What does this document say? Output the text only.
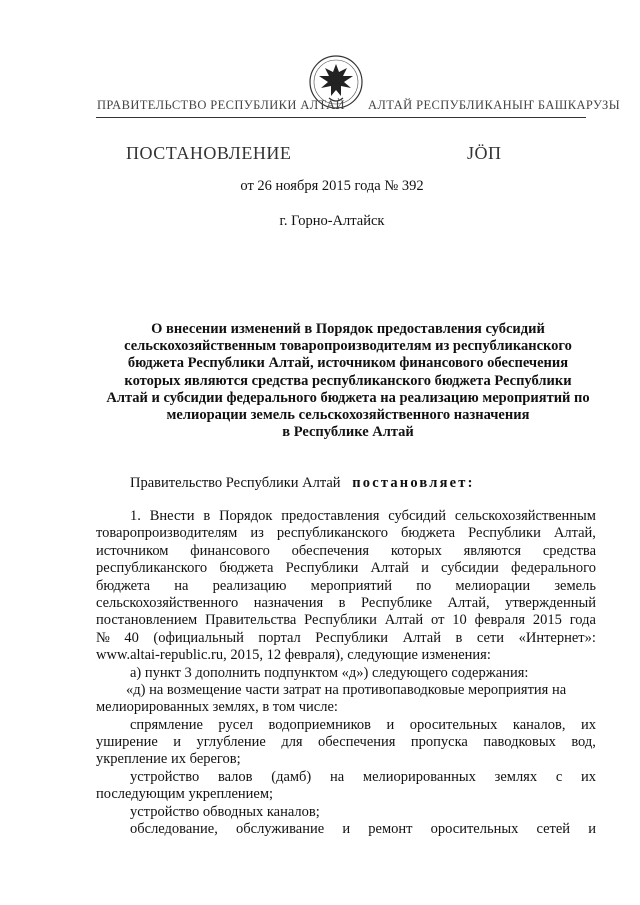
ПРАВИТЕЛЬСТВО РЕСПУБЛИКИ АЛТАЙ АЛТАЙ РЕСПУБЛИКАНЫҤ БАШКАРУЗЫ
ПОСТАНОВЛЕНИЕ	JÖП
от 26 ноября 2015 года № 392
г. Горно-Алтайск
О внесении изменений в Порядок предоставления субсидий
сельскохозяйственным товаропроизводителям из республиканского
бюджета Республики Алтай, источником финансового обеспечения
которых являются средства республиканского бюджета Республики
Алтай и субсидии федерального бюджета на реализацию мероприятий по
мелиорации земель сельскохозяйственного назначения
в Республике Алтай
Правительство Республики Алтай постановляет:
1. Внести в Порядок предоставления субсидий сельскохозяйственным
товаропроизводителям из республиканского бюджета Республики Алтай,
источником финансового обеспечения которых являются средства
республиканского бюджета Республики Алтай и субсидии федерального
бюджета на реализацию мероприятий по мелиорации земель
сельскохозяйственного назначения в Республике Алтай, утвержденный
постановлением Правительства Республики Алтай от 10 февраля 2015 года
№ 40 (официальный портал Республики Алтай в сети «Интернет»:
www.altai-republic.ru, 2015, 12 февраля), следующие изменения:
а) пункт 3 дополнить подпунктом «д») следующего содержания:
«д) на возмещение части затрат на противопаводковые мероприятия на
мелиорированных землях, в том числе:
спрямление русел водоприемников и оросительных каналов, их
уширение и углубление для обеспечения пропуска паводковых вод,
укрепление их берегов;
устройство валов (дамб) на мелиорированных землях с их
последующим укреплением;
устройство обводных каналов;
обследование, обслуживание и ремонт оросительных сетей и
